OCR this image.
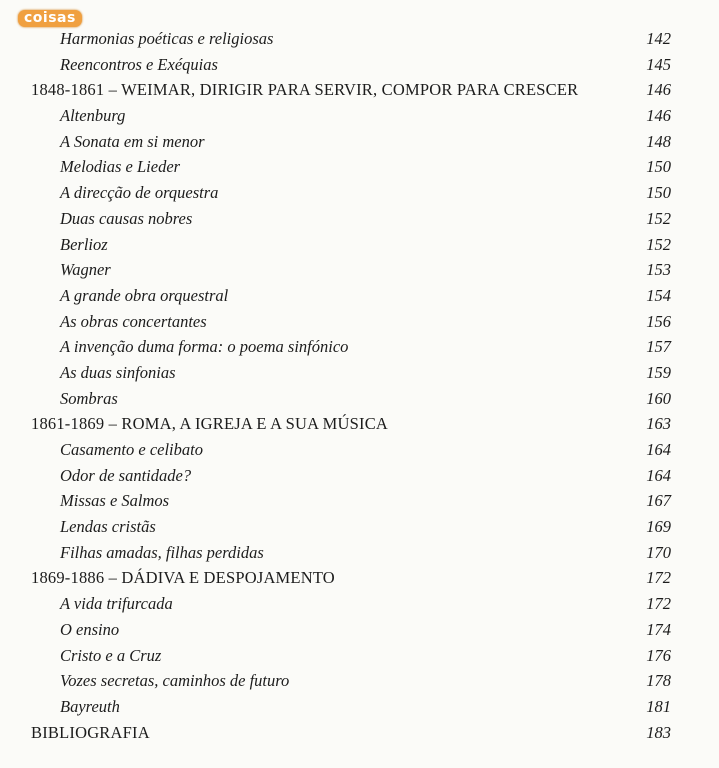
coisas
Harmonias poéticas e religiosas	142
Reencontros e Exéquias	145
1848-1861 – WEIMAR, DIRIGIR PARA SERVIR, COMPOR PARA CRESCER	146
Altenburg	146
A Sonata em si menor	148
Melodias e Lieder	150
A direcção de orquestra	150
Duas causas nobres	152
Berlioz	152
Wagner	153
A grande obra orquestral	154
As obras concertantes	156
A invenção duma forma: o poema sinfónico	157
As duas sinfonias	159
Sombras	160
1861-1869 – ROMA, A IGREJA E A SUA MÚSICA	163
Casamento e celibato	164
Odor de santidade?	164
Missas e Salmos	167
Lendas cristãs	169
Filhas amadas, filhas perdidas	170
1869-1886 – DÁDIVA E DESPOJAMENTO	172
A vida trifurcada	172
O ensino	174
Cristo e a Cruz	176
Vozes secretas, caminhos de futuro	178
Bayreuth	181
BIBLIOGRAFIA	183
